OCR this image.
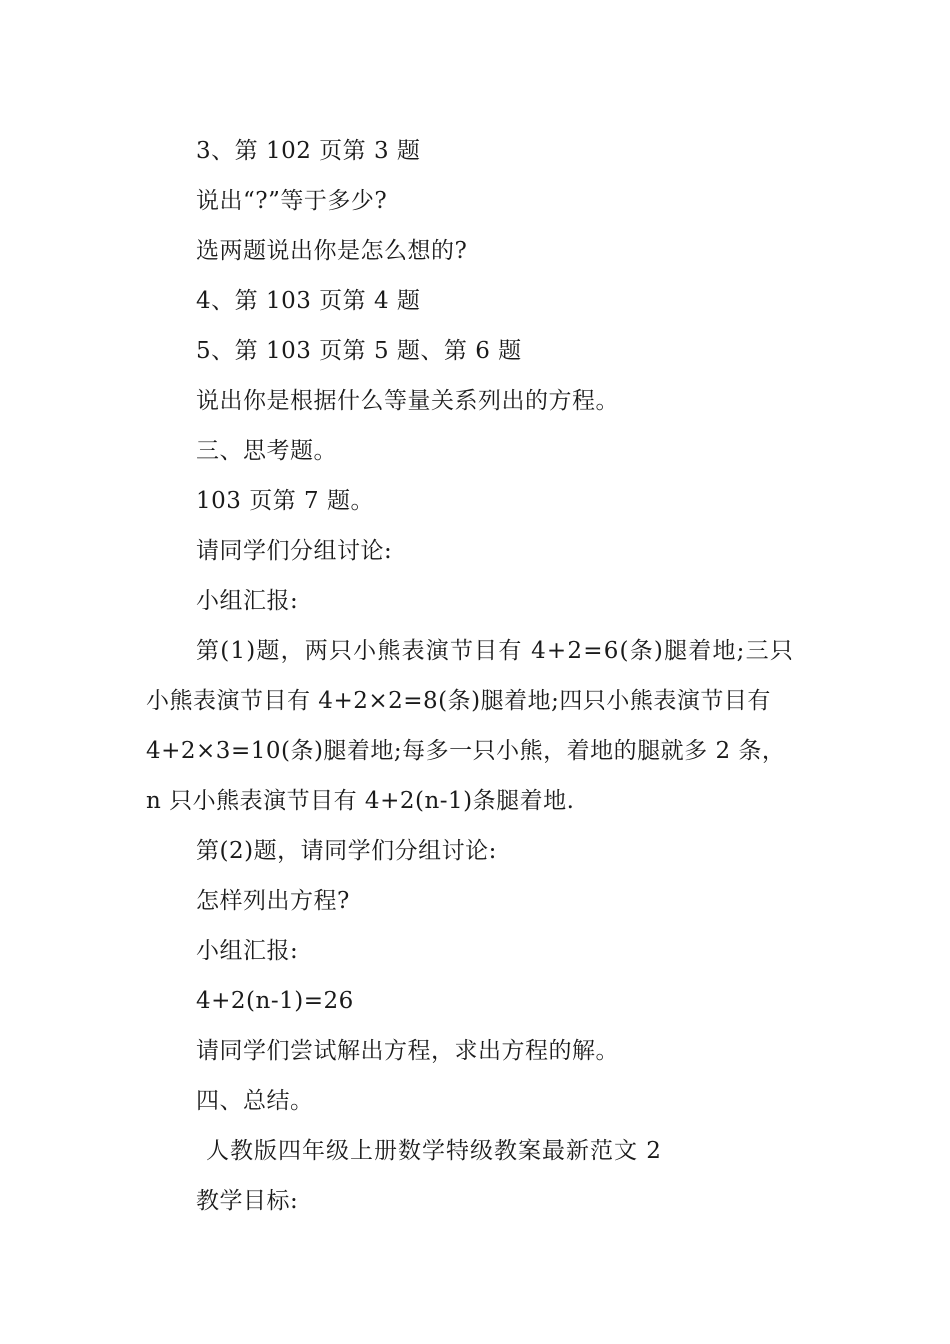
3、第 102 页第 3 题
说出“?”等于多少?
选两题说出你是怎么想的?
4、第 103 页第 4 题
5、第 103 页第 5 题、第 6 题
说出你是根据什么等量关系列出的方程。
三、思考题。
103 页第 7 题。
请同学们分组讨论:
小组汇报:
第(1)题，两只小熊表演节目有 4+2=6(条)腿着地;三只
小熊表演节目有 4+2×2=8(条)腿着地;四只小熊表演节目有
4+2×3=10(条)腿着地;每多一只小熊，着地的腿就多 2 条，
n 只小熊表演节目有 4+2(n-1)条腿着地.
第(2)题，请同学们分组讨论:
怎样列出方程?
小组汇报:
4+2(n-1)=26
请同学们尝试解出方程，求出方程的解。
四、总结。
人教版四年级上册数学特级教案最新范文 2
教学目标:
